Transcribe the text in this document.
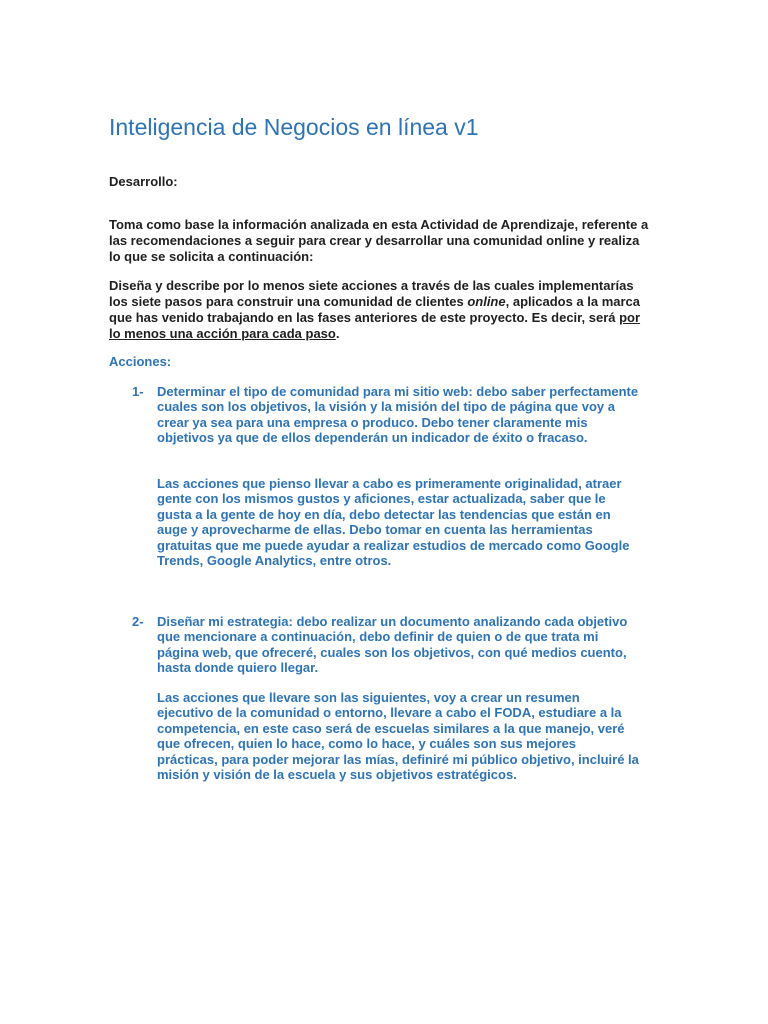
Inteligencia de Negocios en línea v1

Desarrollo:

Toma como base la información analizada en esta Actividad de Aprendizaje, referente a las recomendaciones a seguir para crear y desarrollar una comunidad online y realiza lo que se solicita a continuación:

Diseña y describe por lo menos siete acciones a través de las cuales implementarías los siete pasos para construir una comunidad de clientes online, aplicados a la marca que has venido trabajando en las fases anteriores de este proyecto. Es decir, será por lo menos una acción para cada paso.

Acciones:

1- Determinar el tipo de comunidad para mi sitio web: debo saber perfectamente cuales son los objetivos, la visión y la misión del tipo de página que voy a crear ya sea para una empresa o produco. Debo tener claramente mis objetivos ya que de ellos dependerán un indicador de éxito o fracaso.

Las acciones que pienso llevar a cabo es primeramente originalidad, atraer gente con los mismos gustos y aficiones, estar actualizada, saber que le gusta a la gente de hoy en día, debo detectar las tendencias que están en auge y aprovecharme de ellas. Debo tomar en cuenta las herramientas gratuitas que me puede ayudar a realizar estudios de mercado como Google Trends, Google Analytics, entre otros.

2- Diseñar mi estrategia: debo realizar un documento analizando cada objetivo que mencionare a continuación, debo definir de quien o de que trata mi página web, que ofreceré, cuales son los objetivos, con qué medios cuento, hasta donde quiero llegar.

Las acciones que llevare son las siguientes, voy a crear un resumen ejecutivo de la comunidad o entorno, llevare a cabo el FODA, estudiare a la competencia, en este caso será de escuelas similares a la que manejo, veré que ofrecen, quien lo hace, como lo hace, y cuáles son sus mejores prácticas, para poder mejorar las mías, definiré mi público objetivo, incluiré la misión y visión de la escuela y sus objetivos estratégicos.
